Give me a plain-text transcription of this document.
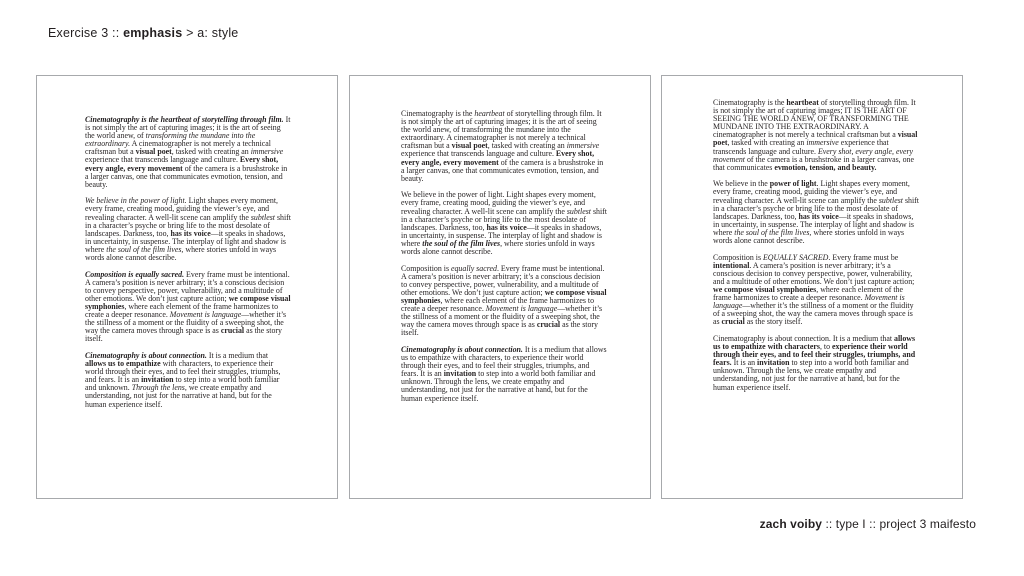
Exercise 3 :: emphasis > a: style

Cinematography is the heartbeat of storytelling through film. It is not simply the art of capturing images; it is the art of seeing the world anew, of transforming the mundane into the extraordinary. A cinematographer is not merely a technical craftsman but a visual poet, tasked with creating an immersive experience that transcends language and culture. Every shot, every angle, every movement of the camera is a brushstroke in a larger canvas, one that communicates evmotion, tension, and beauty.

We believe in the power of light. Light shapes every moment, every frame, creating mood, guiding the viewer’s eye, and revealing character. A well-lit scene can amplify the subtlest shift in a character’s psyche or bring life to the most desolate of landscapes. Darkness, too, has its voice—it speaks in shadows, in uncertainty, in suspense. The interplay of light and shadow is where the soul of the film lives, where stories unfold in ways words alone cannot describe.

Composition is equally sacred. Every frame must be intentional. A camera’s position is never arbitrary; it’s a conscious decision to convey perspective, power, vulnerability, and a multitude of other emotions. We don’t just capture action; we compose visual symphonies, where each element of the frame harmonizes to create a deeper resonance. Movement is language—whether it’s the stillness of a moment or the fluidity of a sweeping shot, the way the camera moves through space is as crucial as the story itself.

Cinematography is about connection. It is a medium that allows us to empathize with characters, to experience their world through their eyes, and to feel their struggles, triumphs, and fears. It is an invitation to step into a world both familiar and unknown. Through the lens, we create empathy and understanding, not just for the narrative at hand, but for the human experience itself.

Cinematography is the heartbeat of storytelling through film. It is not simply the art of capturing images; it is the art of seeing the world anew, of transforming the mundane into the extraordinary. A cinematographer is not merely a technical craftsman but a visual poet, tasked with creating an immersive experience that transcends language and culture. Every shot, every angle, every movement of the camera is a brushstroke in a larger canvas, one that communicates evmotion, tension, and beauty.

We believe in the power of light. Light shapes every moment, every frame, creating mood, guiding the viewer’s eye, and revealing character. A well-lit scene can amplify the subtlest shift in a character’s psyche or bring life to the most desolate of landscapes. Darkness, too, has its voice—it speaks in shadows, in uncertainty, in suspense. The interplay of light and shadow is where the soul of the film lives, where stories unfold in ways words alone cannot describe.

Composition is equally sacred. Every frame must be intentional. A camera’s position is never arbitrary; it’s a conscious decision to convey perspective, power, vulnerability, and a multitude of other emotions. We don’t just capture action; we compose visual symphonies, where each element of the frame harmonizes to create a deeper resonance. Movement is language—whether it’s the stillness of a moment or the fluidity of a sweeping shot, the way the camera moves through space is as crucial as the story itself.

Cinematography is about connection. It is a medium that allows us to empathize with characters, to experience their world through their eyes, and to feel their struggles, triumphs, and fears. It is an invitation to step into a world both familiar and unknown. Through the lens, we create empathy and understanding, not just for the narrative at hand, but for the human experience itself.

Cinematography is the heartbeat of storytelling through film. It is not simply the art of capturing images; IT IS THE ART OF SEEING THE WORLD ANEW, OF TRANSFORMING THE MUNDANE INTO THE EXTRAORDINARY. A cinematographer is not merely a technical craftsman but a visual poet, tasked with creating an immersive experience that transcends language and culture. Every shot, every angle, every movement of the camera is a brushstroke in a larger canvas, one that communicates evmotion, tension, and beauty.

We believe in the power of light. Light shapes every moment, every frame, creating mood, guiding the viewer’s eye, and revealing character. A well-lit scene can amplify the subtlest shift in a character’s psyche or bring life to the most desolate of landscapes. Darkness, too, has its voice—it speaks in shadows, in uncertainty, in suspense. The interplay of light and shadow is where the soul of the film lives, where stories unfold in ways words alone cannot describe.

Composition is EQUALLY SACRED. Every frame must be intentional. A camera’s position is never arbitrary; it’s a conscious decision to convey perspective, power, vulnerability, and a multitude of other emotions. We don’t just capture action; we compose visual symphonies, where each element of the frame harmonizes to create a deeper resonance. Movement is language—whether it’s the stillness of a moment or the fluidity of a sweeping shot, the way the camera moves through space is as crucial as the story itself.

Cinematography is about connection. It is a medium that allows us to empathize with characters, to experience their world through their eyes, and to feel their struggles, triumphs, and fears. It is an invitation to step into a world both familiar and unknown. Through the lens, we create empathy and understanding, not just for the narrative at hand, but for the human experience itself.

zach voiby :: type I :: project 3 maifesto
